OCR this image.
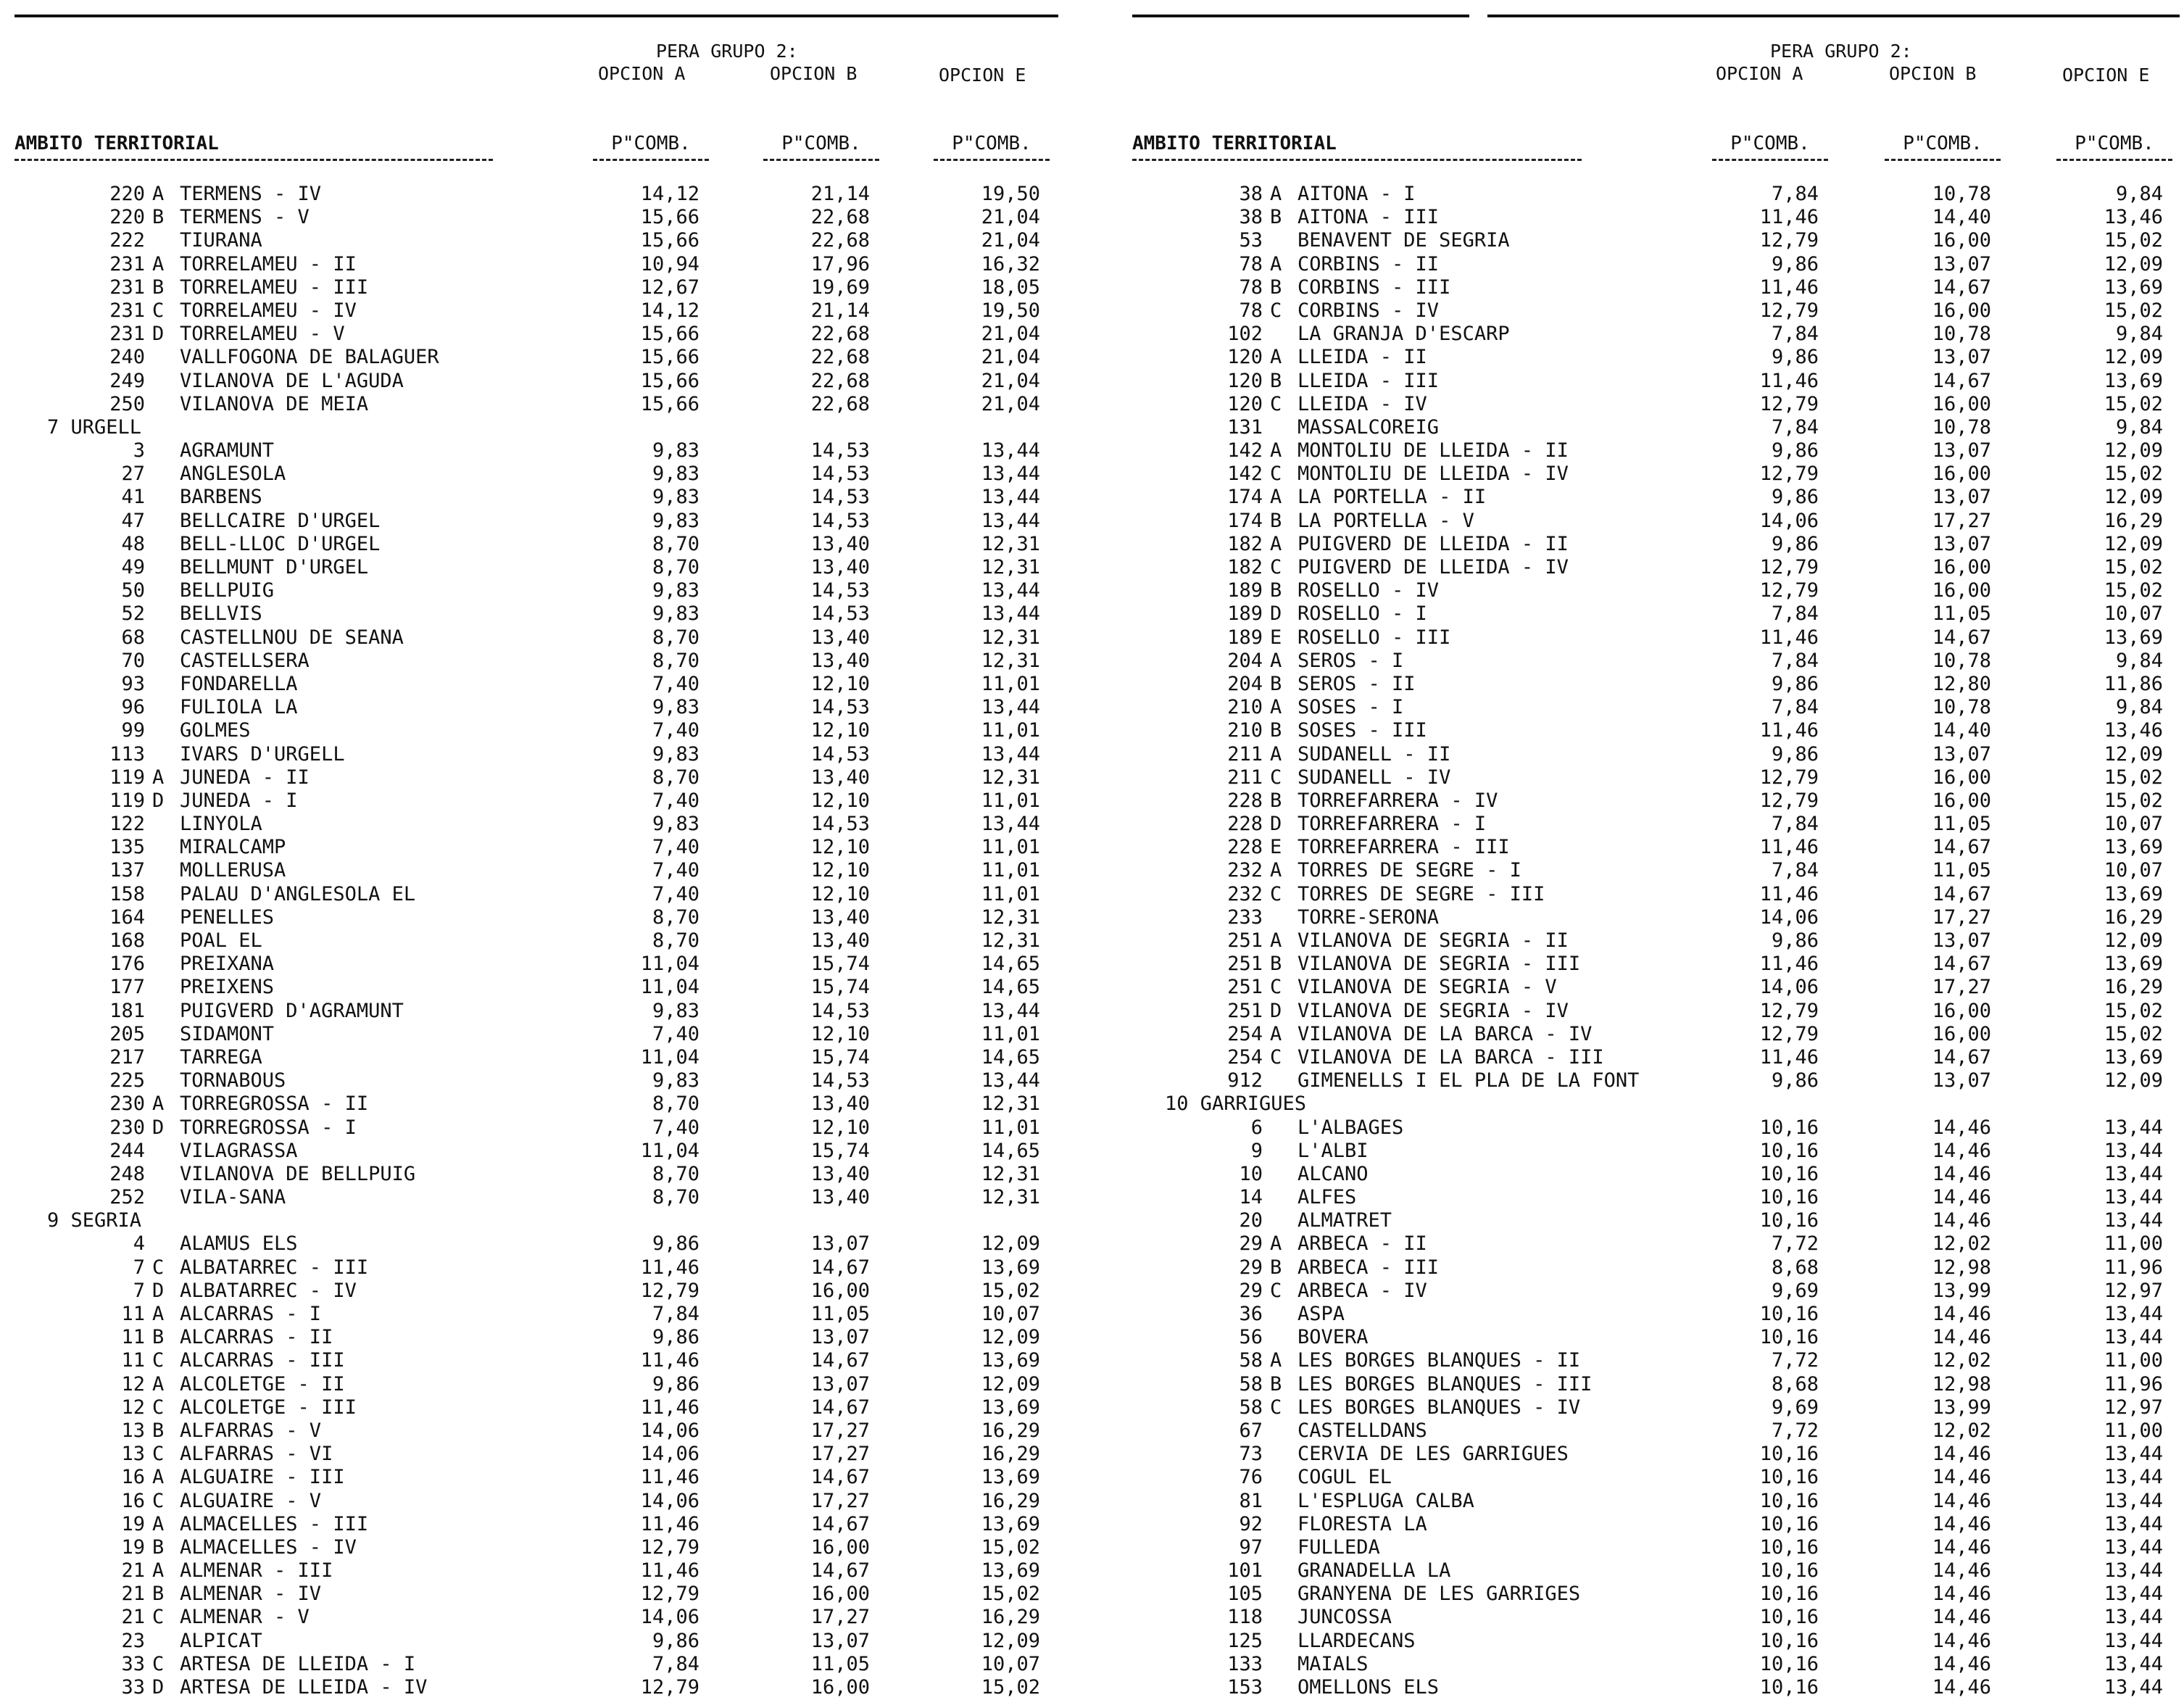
PERA GRUPO 2:
OPCION A	OPCION B	OPCION E
AMBITO TERRITORIAL	P"COMB.	P"COMB.	P"COMB.
220 A TERMENS - IV	14,12	21,14	19,50
220 B TERMENS - V	15,66	22,68	21,04
222 TIURANA	15,66	22,68	21,04
231 A TORRELAMEU - II	10,94	17,96	16,32
231 B TORRELAMEU - III	12,67	19,69	18,05
231 C TORRELAMEU - IV	14,12	21,14	19,50
231 D TORRELAMEU - V	15,66	22,68	21,04
240 VALLFOGONA DE BALAGUER	15,66	22,68	21,04
249 VILANOVA DE L'AGUDA	15,66	22,68	21,04
250 VILANOVA DE MEIA	15,66	22,68	21,04
7 URGELL
3 AGRAMUNT	9,83	14,53	13,44
27 ANGLESOLA	9,83	14,53	13,44
41 BARBENS	9,83	14,53	13,44
47 BELLCAIRE D'URGEL	9,83	14,53	13,44
48 BELL-LLOC D'URGEL	8,70	13,40	12,31
49 BELLMUNT D'URGEL	8,70	13,40	12,31
50 BELLPUIG	9,83	14,53	13,44
52 BELLVIS	9,83	14,53	13,44
68 CASTELLNOU DE SEANA	8,70	13,40	12,31
70 CASTELLSERA	8,70	13,40	12,31
93 FONDARELLA	7,40	12,10	11,01
96 FULIOLA LA	9,83	14,53	13,44
99 GOLMES	7,40	12,10	11,01
113 IVARS D'URGELL	9,83	14,53	13,44
119 A JUNEDA - II	8,70	13,40	12,31
119 D JUNEDA - I	7,40	12,10	11,01
122 LINYOLA	9,83	14,53	13,44
135 MIRALCAMP	7,40	12,10	11,01
137 MOLLERUSA	7,40	12,10	11,01
158 PALAU D'ANGLESOLA EL	7,40	12,10	11,01
164 PENELLES	8,70	13,40	12,31
168 POAL EL	8,70	13,40	12,31
176 PREIXANA	11,04	15,74	14,65
177 PREIXENS	11,04	15,74	14,65
181 PUIGVERD D'AGRAMUNT	9,83	14,53	13,44
205 SIDAMONT	7,40	12,10	11,01
217 TARREGA	11,04	15,74	14,65
225 TORNABOUS	9,83	14,53	13,44
230 A TORREGROSSA - II	8,70	13,40	12,31
230 D TORREGROSSA - I	7,40	12,10	11,01
244 VILAGRASSA	11,04	15,74	14,65
248 VILANOVA DE BELLPUIG	8,70	13,40	12,31
252 VILA-SANA	8,70	13,40	12,31
9 SEGRIA
4 ALAMUS ELS	9,86	13,07	12,09
7 C ALBATARREC - III	11,46	14,67	13,69
7 D ALBATARREC - IV	12,79	16,00	15,02
11 A ALCARRAS - I	7,84	11,05	10,07
11 B ALCARRAS - II	9,86	13,07	12,09
11 C ALCARRAS - III	11,46	14,67	13,69
12 A ALCOLETGE - II	9,86	13,07	12,09
12 C ALCOLETGE - III	11,46	14,67	13,69
13 B ALFARRAS - V	14,06	17,27	16,29
13 C ALFARRAS - VI	14,06	17,27	16,29
16 A ALGUAIRE - III	11,46	14,67	13,69
16 C ALGUAIRE - V	14,06	17,27	16,29
19 A ALMACELLES - III	11,46	14,67	13,69
19 B ALMACELLES - IV	12,79	16,00	15,02
21 A ALMENAR - III	11,46	14,67	13,69
21 B ALMENAR - IV	12,79	16,00	15,02
21 C ALMENAR - V	14,06	17,27	16,29
23 ALPICAT	9,86	13,07	12,09
33 C ARTESA DE LLEIDA - I	7,84	11,05	10,07
33 D ARTESA DE LLEIDA - IV	12,79	16,00	15,02
PERA GRUPO 2:
OPCION A	OPCION B	OPCION E
AMBITO TERRITORIAL	P"COMB.	P"COMB.	P"COMB.
38 A AITONA - I	7,84	10,78	9,84
38 B AITONA - III	11,46	14,40	13,46
53 BENAVENT DE SEGRIA	12,79	16,00	15,02
78 A CORBINS - II	9,86	13,07	12,09
78 B CORBINS - III	11,46	14,67	13,69
78 C CORBINS - IV	12,79	16,00	15,02
102 LA GRANJA D'ESCARP	7,84	10,78	9,84
120 A LLEIDA - II	9,86	13,07	12,09
120 B LLEIDA - III	11,46	14,67	13,69
120 C LLEIDA - IV	12,79	16,00	15,02
131 MASSALCOREIG	7,84	10,78	9,84
142 A MONTOLIU DE LLEIDA - II	9,86	13,07	12,09
142 C MONTOLIU DE LLEIDA - IV	12,79	16,00	15,02
174 A LA PORTELLA - II	9,86	13,07	12,09
174 B LA PORTELLA - V	14,06	17,27	16,29
182 A PUIGVERD DE LLEIDA - II	9,86	13,07	12,09
182 C PUIGVERD DE LLEIDA - IV	12,79	16,00	15,02
189 B ROSELLO - IV	12,79	16,00	15,02
189 D ROSELLO - I	7,84	11,05	10,07
189 E ROSELLO - III	11,46	14,67	13,69
204 A SEROS - I	7,84	10,78	9,84
204 B SEROS - II	9,86	12,80	11,86
210 A SOSES - I	7,84	10,78	9,84
210 B SOSES - III	11,46	14,40	13,46
211 A SUDANELL - II	9,86	13,07	12,09
211 C SUDANELL - IV	12,79	16,00	15,02
228 B TORREFARRERA - IV	12,79	16,00	15,02
228 D TORREFARRERA - I	7,84	11,05	10,07
228 E TORREFARRERA - III	11,46	14,67	13,69
232 A TORRES DE SEGRE - I	7,84	11,05	10,07
232 C TORRES DE SEGRE - III	11,46	14,67	13,69
233 TORRE-SERONA	14,06	17,27	16,29
251 A VILANOVA DE SEGRIA - II	9,86	13,07	12,09
251 B VILANOVA DE SEGRIA - III	11,46	14,67	13,69
251 C VILANOVA DE SEGRIA - V	14,06	17,27	16,29
251 D VILANOVA DE SEGRIA - IV	12,79	16,00	15,02
254 A VILANOVA DE LA BARCA - IV	12,79	16,00	15,02
254 C VILANOVA DE LA BARCA - III	11,46	14,67	13,69
912 GIMENELLS I EL PLA DE LA FONT	9,86	13,07	12,09
10 GARRIGUES
6 L'ALBAGES	10,16	14,46	13,44
9 L'ALBI	10,16	14,46	13,44
10 ALCANO	10,16	14,46	13,44
14 ALFES	10,16	14,46	13,44
20 ALMATRET	10,16	14,46	13,44
29 A ARBECA - II	7,72	12,02	11,00
29 B ARBECA - III	8,68	12,98	11,96
29 C ARBECA - IV	9,69	13,99	12,97
36 ASPA	10,16	14,46	13,44
56 BOVERA	10,16	14,46	13,44
58 A LES BORGES BLANQUES - II	7,72	12,02	11,00
58 B LES BORGES BLANQUES - III	8,68	12,98	11,96
58 C LES BORGES BLANQUES - IV	9,69	13,99	12,97
67 CASTELLDANS	7,72	12,02	11,00
73 CERVIA DE LES GARRIGUES	10,16	14,46	13,44
76 COGUL EL	10,16	14,46	13,44
81 L'ESPLUGA CALBA	10,16	14,46	13,44
92 FLORESTA LA	10,16	14,46	13,44
97 FULLEDA	10,16	14,46	13,44
101 GRANADELLA LA	10,16	14,46	13,44
105 GRANYENA DE LES GARRIGES	10,16	14,46	13,44
118 JUNCOSSA	10,16	14,46	13,44
125 LLARDECANS	10,16	14,46	13,44
133 MAIALS	10,16	14,46	13,44
153 OMELLONS ELS	10,16	14,46	13,44
